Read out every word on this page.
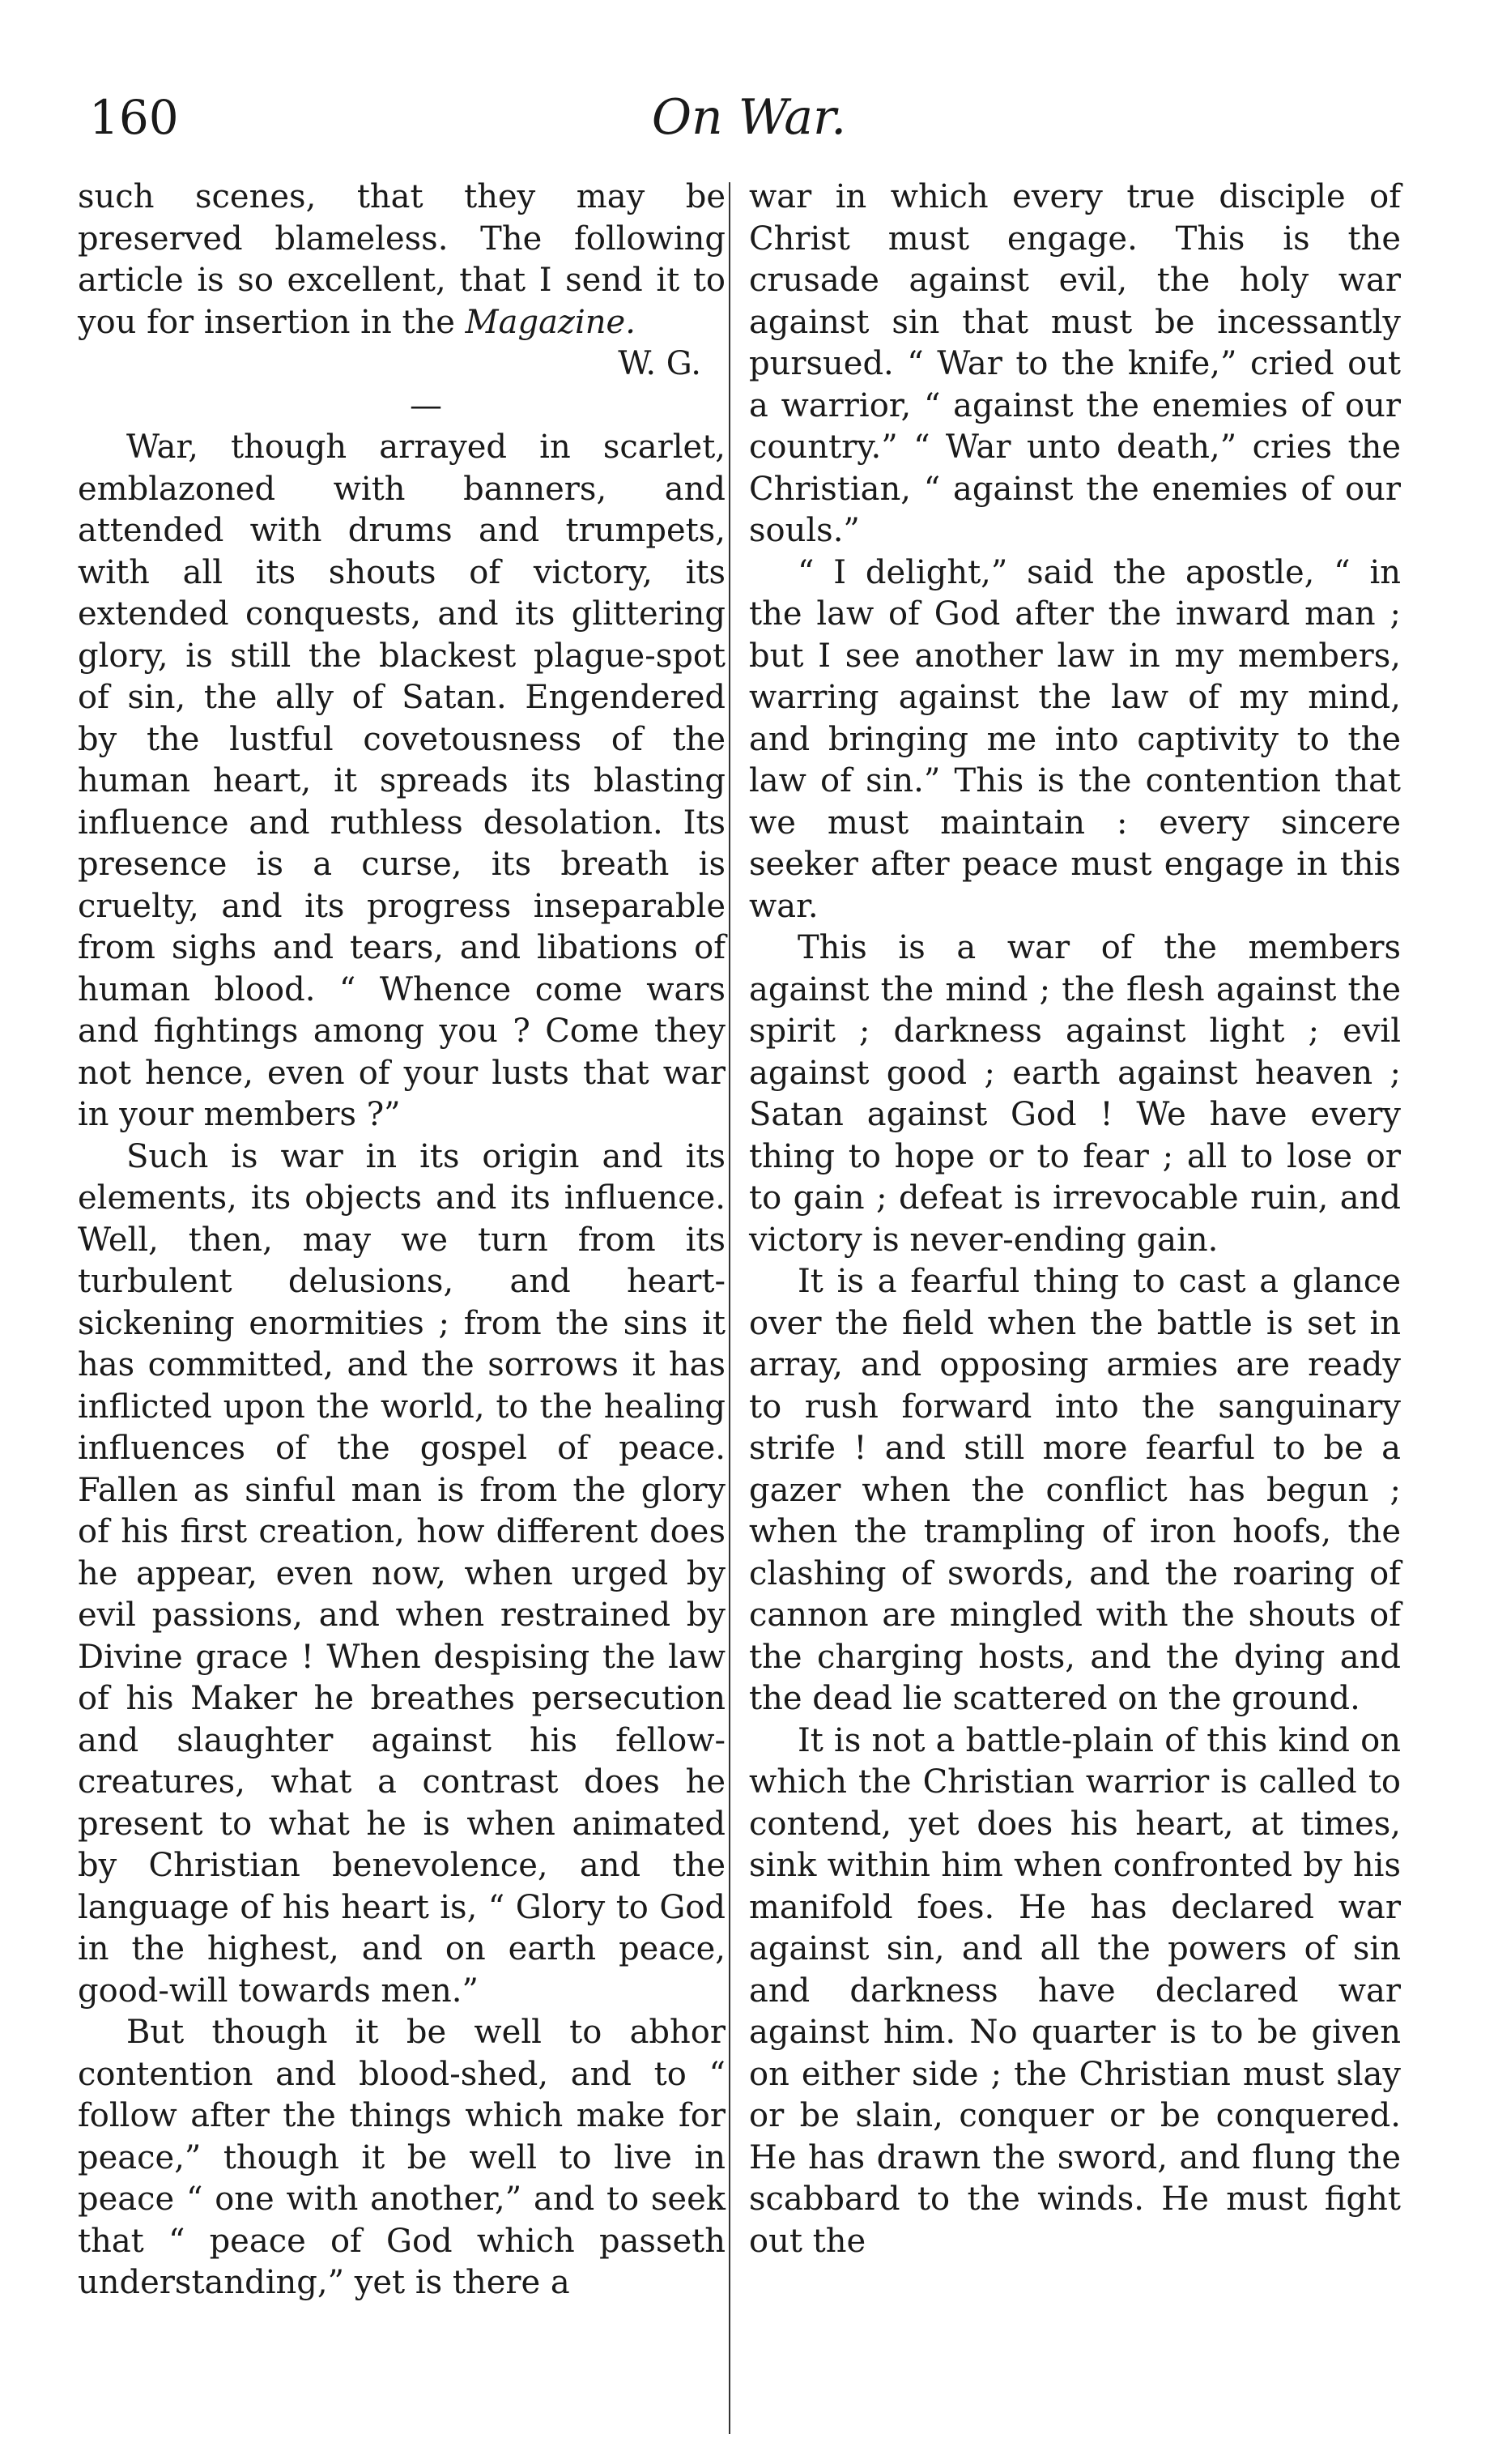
160	On War.

such scenes, that they may be preserved blameless. The following article is so excellent, that I send it to you for insertion in the Magazine.

W. G.

—

War, though arrayed in scarlet, emblazoned with banners, and attended with drums and trumpets, with all its shouts of victory, its extended conquests, and its glittering glory, is still the blackest plague-spot of sin, the ally of Satan. Engendered by the lustful covetousness of the human heart, it spreads its blasting influence and ruthless desolation. Its presence is a curse, its breath is cruelty, and its progress inseparable from sighs and tears, and libations of human blood. “ Whence come wars and fightings among you ? Come they not hence, even of your lusts that war in your members ?”

Such is war in its origin and its elements, its objects and its influence. Well, then, may we turn from its turbulent delusions, and heart-sickening enormities ; from the sins it has committed, and the sorrows it has inflicted upon the world, to the healing influences of the gospel of peace. Fallen as sinful man is from the glory of his first creation, how different does he appear, even now, when urged by evil passions, and when restrained by Divine grace ! When despising the law of his Maker he breathes persecution and slaughter against his fellow-creatures, what a contrast does he present to what he is when animated by Christian benevolence, and the language of his heart is, “ Glory to God in the highest, and on earth peace, good-will towards men.”

But though it be well to abhor contention and blood-shed, and to “ follow after the things which make for peace,” though it be well to live in peace “ one with another,” and to seek that “ peace of God which passeth understanding,” yet is there a

war in which every true disciple of Christ must engage. This is the crusade against evil, the holy war against sin that must be incessantly pursued. “ War to the knife,” cried out a warrior, “ against the enemies of our country.” “ War unto death,” cries the Christian, “ against the enemies of our souls.”

“ I delight,” said the apostle, “ in the law of God after the inward man ; but I see another law in my members, warring against the law of my mind, and bringing me into captivity to the law of sin.” This is the contention that we must maintain : every sincere seeker after peace must engage in this war.

This is a war of the members against the mind ; the flesh against the spirit ; darkness against light ; evil against good ; earth against heaven ; Satan against God ! We have every thing to hope or to fear ; all to lose or to gain ; defeat is irrevocable ruin, and victory is never-ending gain.

It is a fearful thing to cast a glance over the field when the battle is set in array, and opposing armies are ready to rush forward into the sanguinary strife ! and still more fearful to be a gazer when the conflict has begun ; when the trampling of iron hoofs, the clashing of swords, and the roaring of cannon are mingled with the shouts of the charging hosts, and the dying and the dead lie scattered on the ground.

It is not a battle-plain of this kind on which the Christian warrior is called to contend, yet does his heart, at times, sink within him when confronted by his manifold foes. He has declared war against sin, and all the powers of sin and darkness have declared war against him. No quarter is to be given on either side ; the Christian must slay or be slain, conquer or be conquered. He has drawn the sword, and flung the scabbard to the winds. He must fight out the
